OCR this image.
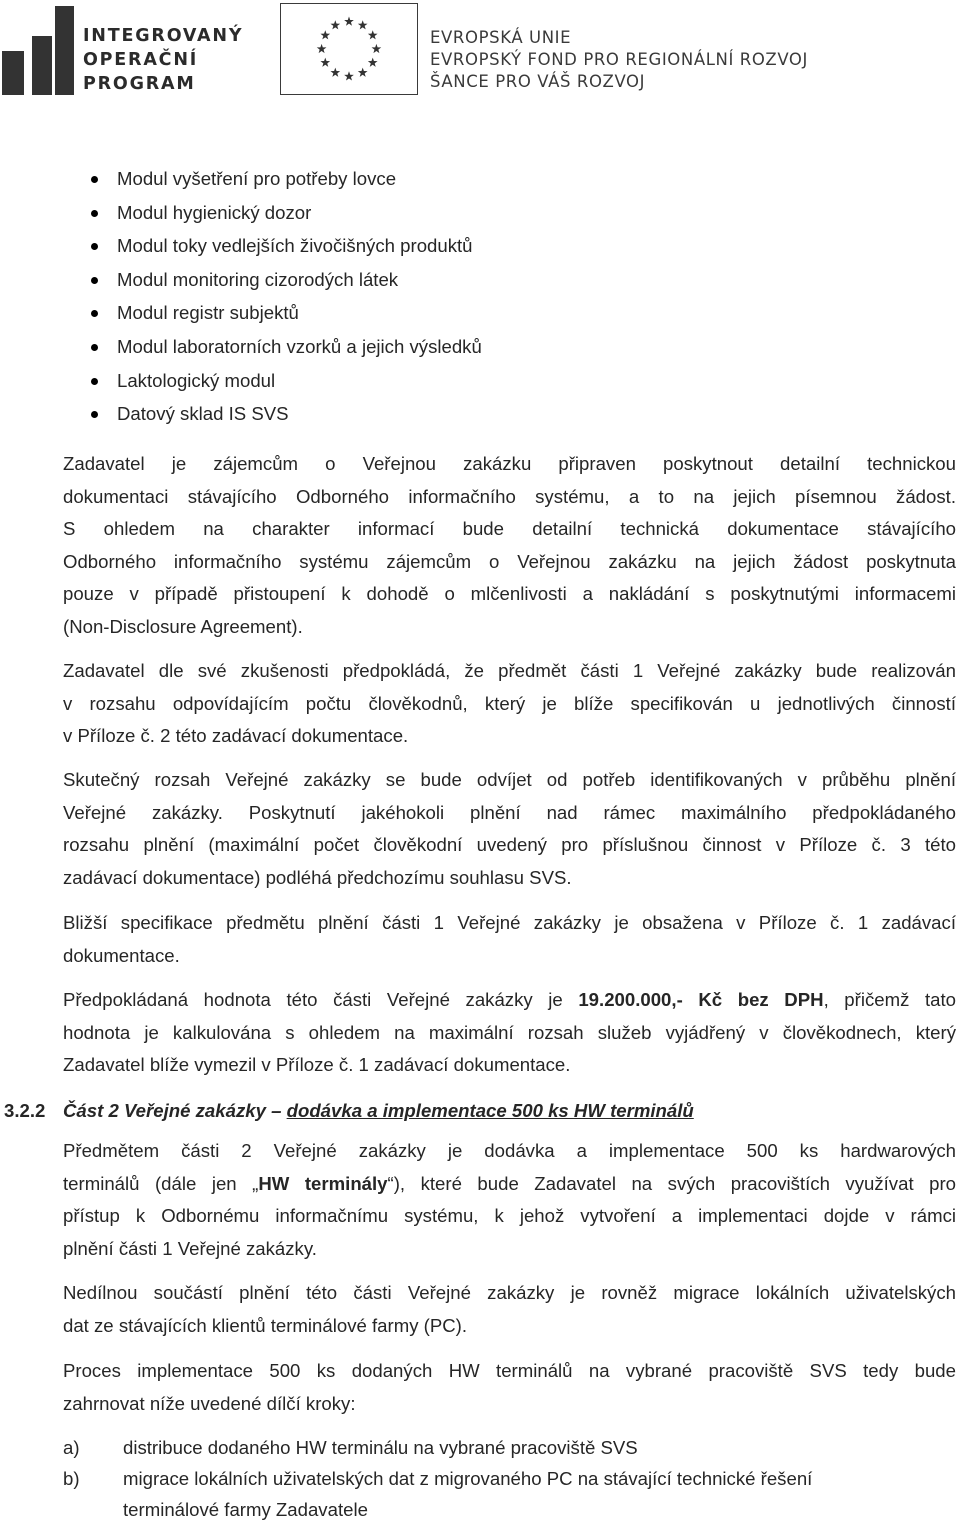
INTEGROVANÝ
OPERAČNÍ
PROGRAM
EVROPSKÁ UNIE
EVROPSKÝ FOND PRO REGIONÁLNÍ ROZVOJ
ŠANCE PRO VÁŠ ROZVOJ
Modul vyšetření pro potřeby lovce
Modul hygienický dozor
Modul toky vedlejších živočišných produktů
Modul monitoring cizorodých látek
Modul registr subjektů
Modul laboratorních vzorků a jejich výsledků
Laktologický modul
Datový sklad IS SVS
Zadavatel je zájemcům o Veřejnou zakázku připraven poskytnout detailní technickou
dokumentaci stávajícího Odborného informačního systému, a to na jejich písemnou žádost.
S ohledem na charakter informací bude detailní technická dokumentace stávajícího
Odborného informačního systému zájemcům o Veřejnou zakázku na jejich žádost poskytnuta
pouze v případě přistoupení k dohodě o mlčenlivosti a nakládání s poskytnutými informacemi
(Non-Disclosure Agreement).
Zadavatel dle své zkušenosti předpokládá, že předmět části 1 Veřejné zakázky bude realizován
v rozsahu odpovídajícím počtu člověkodnů, který je blíže specifikován u jednotlivých činností
v Příloze č. 2 této zadávací dokumentace.
Skutečný rozsah Veřejné zakázky se bude odvíjet od potřeb identifikovaných v průběhu plnění
Veřejné zakázky. Poskytnutí jakéhokoli plnění nad rámec maximálního předpokládaného
rozsahu plnění (maximální počet člověkodní uvedený pro příslušnou činnost v Příloze č. 3 této
zadávací dokumentace) podléhá předchozímu souhlasu SVS.
Bližší specifikace předmětu plnění části 1 Veřejné zakázky je obsažena v Příloze č. 1 zadávací
dokumentace.
Předpokládaná hodnota této části Veřejné zakázky je 19.200.000,- Kč bez DPH, přičemž tato
hodnota je kalkulována s ohledem na maximální rozsah služeb vyjádřený v člověkodnech, který
Zadavatel blíže vymezil v Příloze č. 1 zadávací dokumentace.
3.2.2 Část 2 Veřejné zakázky – dodávka a implementace 500 ks HW terminálů
Předmětem části 2 Veřejné zakázky je dodávka a implementace 500 ks hardwarových
terminálů (dále jen „HW terminály“), které bude Zadavatel na svých pracovištích využívat pro
přístup k Odbornému informačnímu systému, k jehož vytvoření a implementaci dojde v rámci
plnění části 1 Veřejné zakázky.
Nedílnou součástí plnění této části Veřejné zakázky je rovněž migrace lokálních uživatelských
dat ze stávajících klientů terminálové farmy (PC).
Proces implementace 500 ks dodaných HW terminálů na vybrané pracoviště SVS tedy bude
zahrnovat níže uvedené dílčí kroky:
a) distribuce dodaného HW terminálu na vybrané pracoviště SVS
b) migrace lokálních uživatelských dat z migrovaného PC na stávající technické řešení
terminálové farmy Zadavatele
